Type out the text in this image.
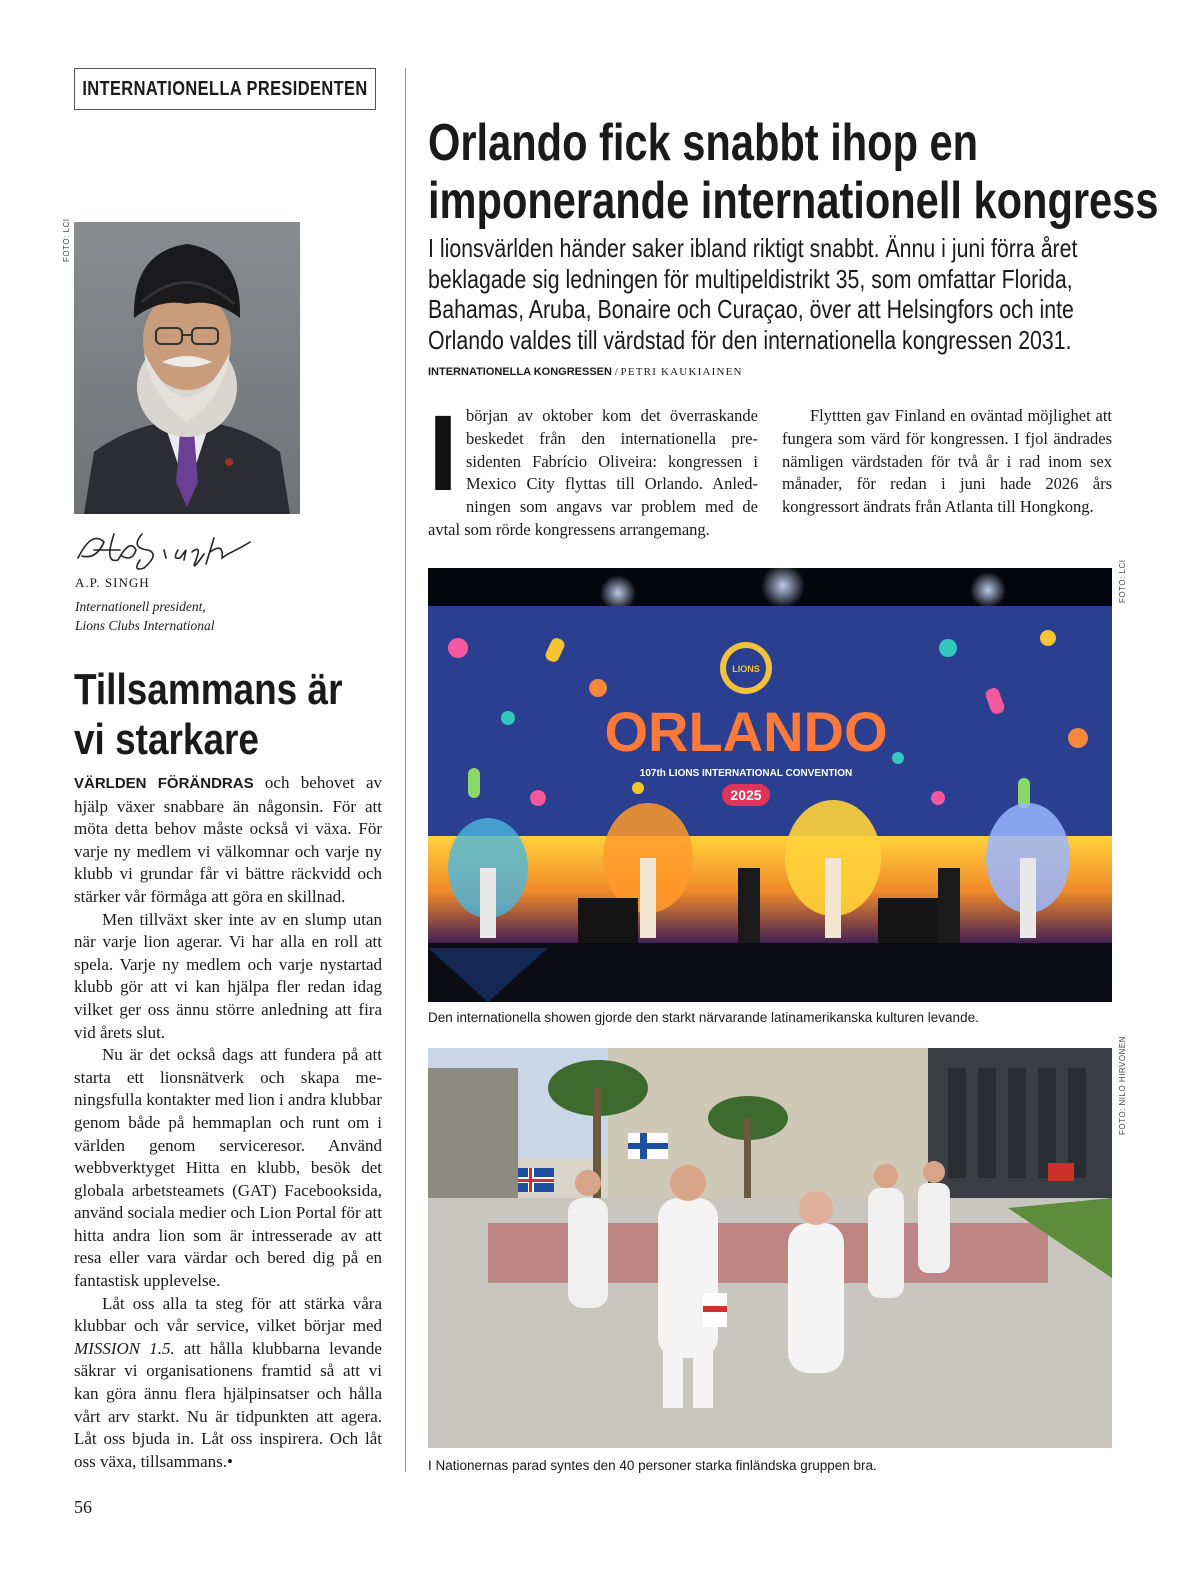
INTERNATIONELLA PRESIDENTEN
FOTO: LCI
A.P. SINGH
Internationell president,
Lions Clubs International
Tillsammans är
vi starkare

VÄRLDEN FÖRÄNDRAS och behovet av hjälp växer snabbare än någonsin. För att möta detta behov måste också vi växa. För varje ny medlem vi välkomnar och varje ny klubb vi grundar får vi bättre räckvidd och stärker vår förmåga att göra en skillnad.

Men tillväxt sker inte av en slump utan när varje lion agerar. Vi har alla en roll att spela. Varje ny medlem och varje nystartad klubb gör att vi kan hjälpa fler redan idag vilket ger oss ännu större anledning att fira vid årets slut.

Nu är det också dags att fundera på att starta ett lionsnätverk och skapa meningsfulla kontakter med lion i andra klubbar genom både på hemmaplan och runt om i världen genom serviceresor. Använd webbverktyget Hitta en klubb, besök det globala arbetsteamets (GAT) Facebooksida, använd sociala medier och Lion Portal för att hitta andra lion som är intresserade av att resa eller vara värdar och bered dig på en fantastisk upplevelse.

Låt oss alla ta steg för att stärka våra klubbar och vår service, vilket börjar med MISSION 1.5. att hålla klubbarna levande säkrar vi organisationens framtid så att vi kan göra ännu flera hjälpinsatser och hålla vårt arv starkt. Nu är tidpunkten att agera. Låt oss bjuda in. Låt oss inspirera. Och låt oss växa, tillsammans.•

56
Orlando fick snabbt ihop en
imponerande internationell kongress
I lionsvärlden händer saker ibland riktigt snabbt. Ännu i juni förra året
beklagade sig ledningen för multipeldistrikt 35, som omfattar Florida,
Bahamas, Aruba, Bonaire och Curaçao, över att Helsingfors och inte
Orlando valdes till värdstad för den internationella kongressen 2031.
INTERNATIONELLA KONGRESSEN / PETRI KAUKIAINEN
Ibörjan av oktober kom det överraskande beskedet från den internationella presidenten Fabrício Oliveira: kongressen i Mexico City flyttas till Orlando. Anledningen som angavs var problem med de avtal som rörde kongressens arrangemang.

Flyttten gav Finland en oväntad möjlighet att fungera som värd för kongressen. I fjol ändrades nämligen värdstaden för två år i rad inom sex månader, för redan i juni hade 2026 års kongressort ändrats från Atlanta till Hongkong.

FOTO: LCI
LIONS
ORLANDO
107th LIONS INTERNATIONAL CONVENTION
2025
Den internationella showen gjorde den starkt närvarande latinamerikanska kulturen levande.
FOTO: NILO HIRVONEN
I Nationernas parad syntes den 40 personer starka finländska gruppen bra.
